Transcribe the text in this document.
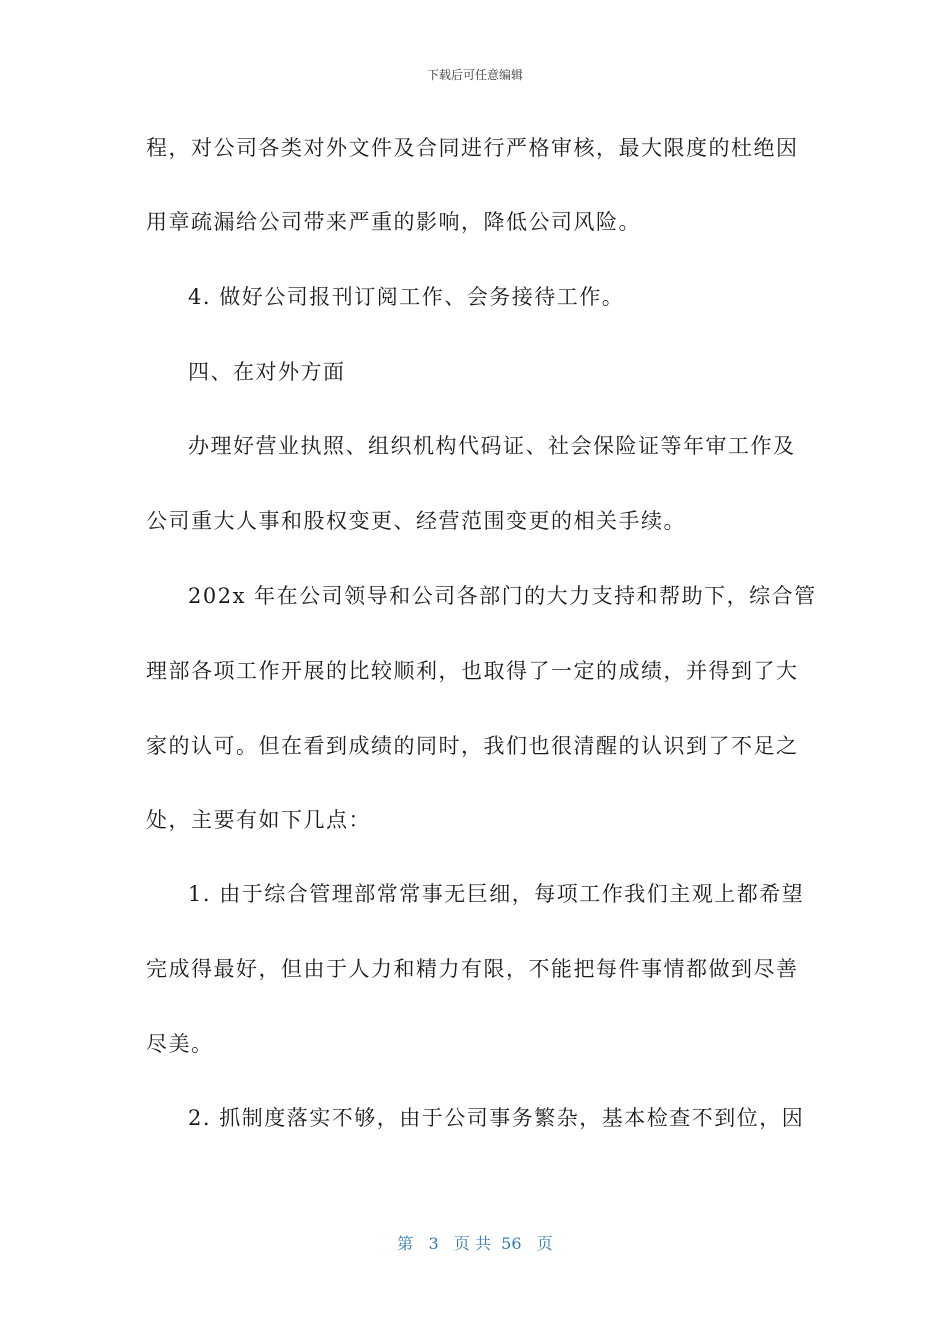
下载后可任意编辑
程，对公司各类对外文件及合同进行严格审核，最大限度的杜绝因
用章疏漏给公司带来严重的影响，降低公司风险。
4. 做好公司报刊订阅工作、会务接待工作。
四、在对外方面
办理好营业执照、组织机构代码证、社会保险证等年审工作及
公司重大人事和股权变更、经营范围变更的相关手续。
202x 年在公司领导和公司各部门的大力支持和帮助下，综合管
理部各项工作开展的比较顺利，也取得了一定的成绩，并得到了大
家的认可。但在看到成绩的同时，我们也很清醒的认识到了不足之
处，主要有如下几点：
1. 由于综合管理部常常事无巨细，每项工作我们主观上都希望
完成得最好，但由于人力和精力有限，不能把每件事情都做到尽善
尽美。
2. 抓制度落实不够，由于公司事务繁杂，基本检查不到位，因
第 3 页 共 56 页
